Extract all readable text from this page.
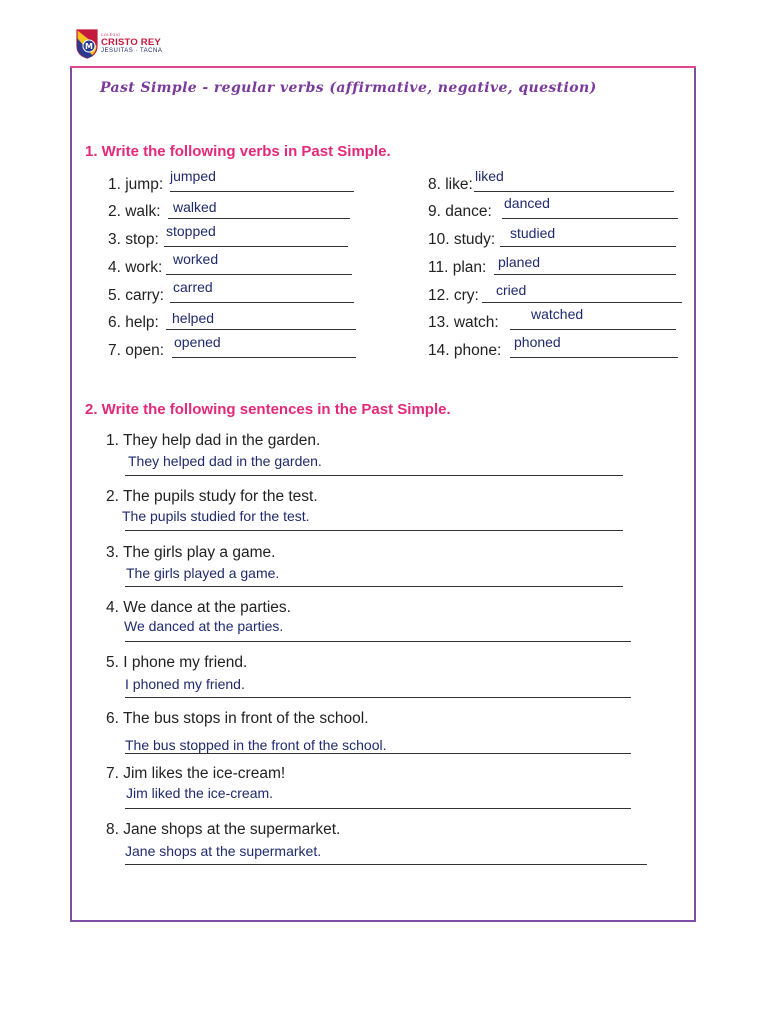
M
COLEGIO
CRISTO REY
JESUITAS · TACNA
Past Simple - regular verbs (affirmative, negative, question)
1. Write the following verbs in Past Simple.
1. jump: jumped
2. walk: walked
3. stop: stopped
4. work: worked
5. carry: carred
6. help: helped
7. open: opened
8. like: liked
9. dance: danced
10. study: studied
11. plan: planed
12. cry: cried
13. watch: watched
14. phone: phoned
2. Write the following sentences in the Past Simple.
1. They help dad in the garden.
They helped dad in the garden.
2. The pupils study for the test.
The pupils studied for the test.
3. The girls play a game.
The girls played a game.
4. We dance at the parties.
We danced at the parties.
5. I phone my friend.
I phoned my friend.
6. The bus stops in front of the school.
The bus stopped in the front of the school.
7. Jim likes the ice-cream!
Jim liked the ice-cream.
8. Jane shops at the supermarket.
Jane shops at the supermarket.
